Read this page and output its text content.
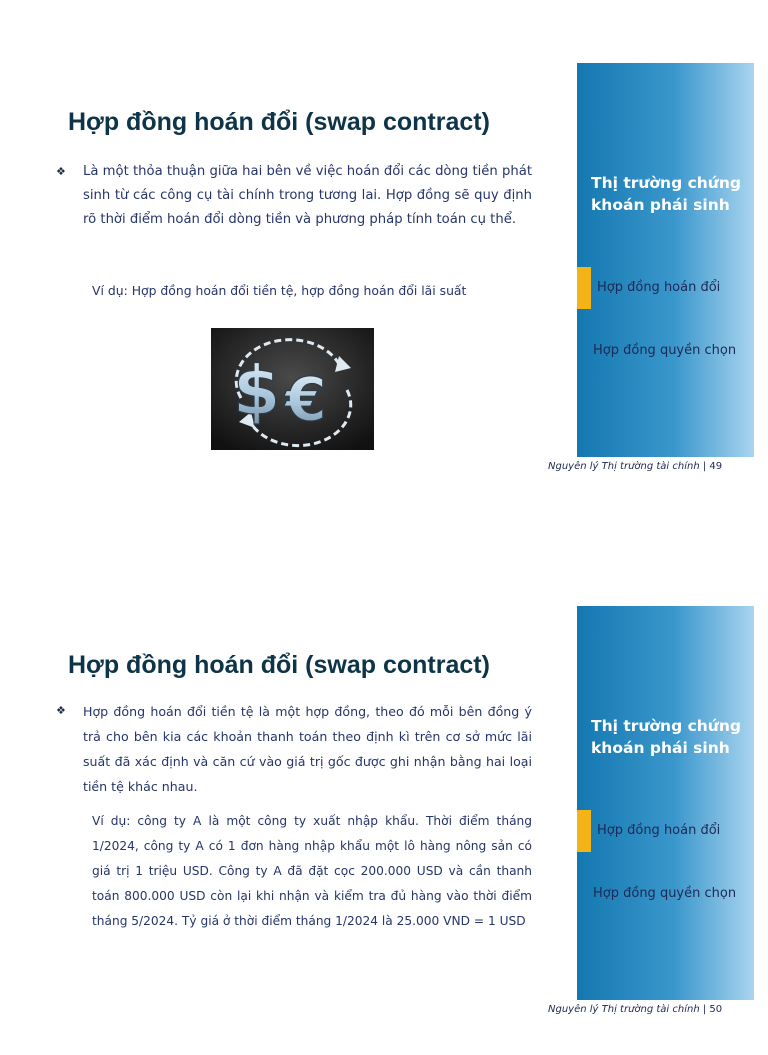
Hợp đồng hoán đổi (swap contract)
❖	Là một thỏa thuận giữa hai bên về việc hoán đổi các dòng tiền phát sinh từ các công cụ tài chính trong tương lai. Hợp đồng sẽ quy định rõ thời điểm hoán đổi dòng tiền và phương pháp tính toán cụ thể.

Ví dụ: Hợp đồng hoán đổi tiền tệ, hợp đồng hoán đổi lãi suất

$ €
Thị trường chứng khoán phái sinh
Hợp đồng hoán đổi
Hợp đồng quyền chọn
Nguyên lý Thị trường tài chính | 49
Hợp đồng hoán đổi (swap contract)
❖	Hợp đồng hoán đổi tiền tệ là một hợp đồng, theo đó mỗi bên đồng ý trả cho bên kia các khoản thanh toán theo định kì trên cơ sở mức lãi suất đã xác định và căn cứ vào giá trị gốc được ghi nhận bằng hai loại tiền tệ khác nhau.

Ví dụ: công ty A là một công ty xuất nhập khẩu. Thời điểm tháng 1/2024, công ty A có 1 đơn hàng nhập khẩu một lô hàng nông sản có giá trị 1 triệu USD. Công ty A đã đặt cọc 200.000 USD và cần thanh toán 800.000 USD còn lại khi nhận và kiểm tra đủ hàng vào thời điểm tháng 5/2024. Tỷ giá ở thời điểm tháng 1/2024 là 25.000 VND = 1 USD

Thị trường chứng khoán phái sinh
Hợp đồng hoán đổi
Hợp đồng quyền chọn
Nguyên lý Thị trường tài chính | 50
